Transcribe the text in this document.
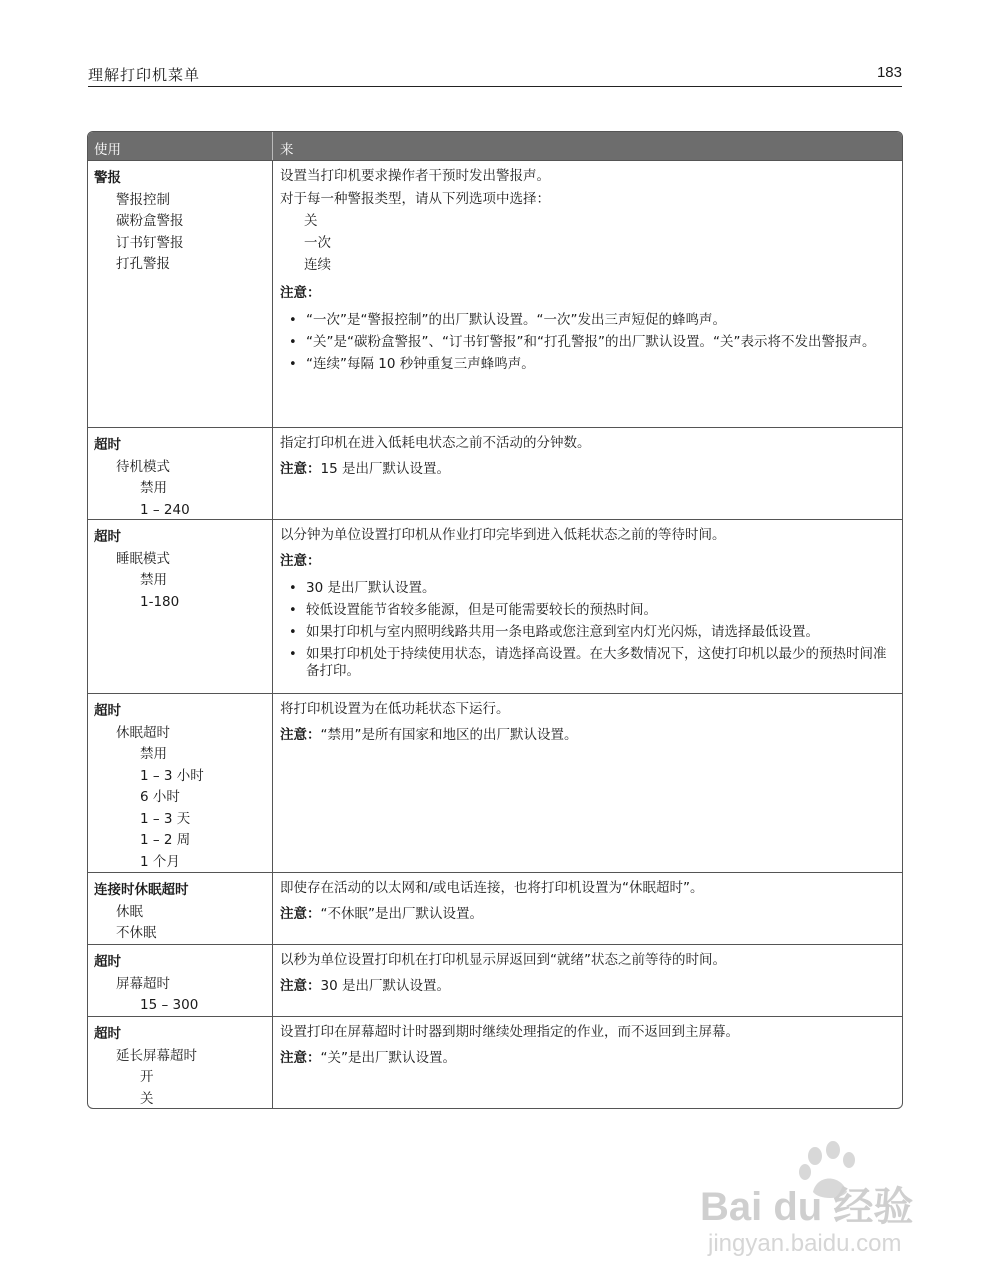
理解打印机菜单	183
使用	来
警报
警报控制
碳粉盒警报
订书钉警报
打孔警报
设置当打印机要求操作者干预时发出警报声。
对于每一种警报类型，请从下列选项中选择：
关
一次
连续
注意：
• “一次”是“警报控制”的出厂默认设置。“一次”发出三声短促的蜂鸣声。
• “关”是“碳粉盒警报”、“订书钉警报”和“打孔警报”的出厂默认设置。“关”表示将不发出警报声。
• “连续”每隔 10 秒钟重复三声蜂鸣声。
超时
待机模式
禁用
1 – 240
指定打印机在进入低耗电状态之前不活动的分钟数。
注意：15 是出厂默认设置。
超时
睡眠模式
禁用
1-180
以分钟为单位设置打印机从作业打印完毕到进入低耗状态之前的等待时间。
注意：
• 30 是出厂默认设置。
• 较低设置能节省较多能源，但是可能需要较长的预热时间。
• 如果打印机与室内照明线路共用一条电路或您注意到室内灯光闪烁，请选择最低设置。
• 如果打印机处于持续使用状态，请选择高设置。在大多数情况下，这使打印机以最少的预热时间准备打印。
超时
休眠超时
禁用
1 – 3 小时
6 小时
1 – 3 天
1 – 2 周
1 个月
将打印机设置为在低功耗状态下运行。
注意：“禁用”是所有国家和地区的出厂默认设置。
连接时休眠超时
休眠
不休眠
即使存在活动的以太网和/或电话连接，也将打印机设置为“休眠超时”。
注意：“不休眠”是出厂默认设置。
超时
屏幕超时
15 – 300
以秒为单位设置打印机在打印机显示屏返回到“就绪”状态之前等待的时间。
注意：30 是出厂默认设置。
超时
延长屏幕超时
开
关
设置打印在屏幕超时计时器到期时继续处理指定的作业，而不返回到主屏幕。
注意：“关”是出厂默认设置。
Bai du 经验
jingyan.baidu.com
